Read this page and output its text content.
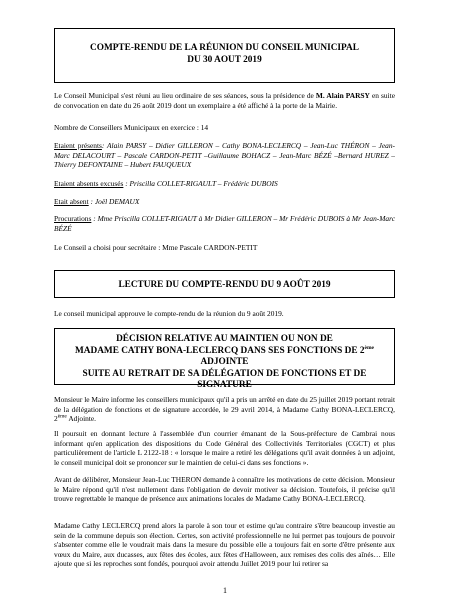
COMPTE-RENDU DE LA RÉUNION DU CONSEIL MUNICIPAL
DU 30 AOUT 2019
Le Conseil Municipal s'est réuni au lieu ordinaire de ses séances, sous la présidence de M. Alain PARSY en suite de convocation en date du 26 août 2019 dont un exemplaire a été affiché à la porte de la Mairie.
Nombre de Conseillers Municipaux en exercice : 14
Etaient présents: Alain PARSY – Didier GILLERON – Cathy BONA-LECLERCQ – Jean-Luc THÉRON – Jean-Marc DELACOURT – Pascale CARDON-PETIT –Guillaume BOHACZ – Jean-Marc BÉZÉ –Bernard HUREZ – Thierry DEFONTAINE – Hubert FAUQUEUX
Etaient absents excusés : Priscilla COLLET-RIGAULT – Frédéric DUBOIS
Etait absent : Joël DEMAUX
Procurations : Mme Priscilla COLLET-RIGAUT à Mr Didier GILLERON – Mr Frédéric DUBOIS à Mr Jean-Marc BÉZÉ
Le Conseil a choisi pour secrétaire : Mme Pascale CARDON-PETIT
LECTURE DU COMPTE-RENDU DU 9 AOÛT 2019
Le conseil municipal approuve le compte-rendu de la réunion du 9 août 2019.
DÉCISION RELATIVE AU MAINTIEN OU NON DE
MADAME CATHY BONA-LECLERCQ DANS SES FONCTIONS DE 2ème ADJOINTE
SUITE AU RETRAIT DE SA DÉLÉGATION DE FONCTIONS ET DE SIGNATURE
Monsieur le Maire informe les conseillers municipaux qu'il a pris un arrêté en date du 25 juillet 2019 portant retrait de la délégation de fonctions et de signature accordée, le 29 avril 2014, à Madame Cathy BONA-LECLERCQ, 2ème Adjointe.
Il poursuit en donnant lecture à l'assemblée d'un courrier émanant de la Sous-préfecture de Cambrai nous informant qu'en application des dispositions du Code Général des Collectivités Territoriales (CGCT) et plus particulièrement de l'article L 2122-18 : « lorsque le maire a retiré les délégations qu'il avait données à un adjoint, le conseil municipal doit se prononcer sur le maintien de celui-ci dans ses fonctions ».
Avant de délibérer, Monsieur Jean-Luc THERON demande à connaître les motivations de cette décision. Monsieur le Maire répond qu'il n'est nullement dans l'obligation de devoir motiver sa décision. Toutefois, il précise qu'il trouve regrettable le manque de présence aux animations locales de Madame Cathy BONA-LECLERCQ.
Madame Cathy LECLERCQ prend alors la parole à son tour et estime qu'au contraire s'être beaucoup investie au sein de la commune depuis son élection. Certes, son activité professionnelle ne lui permet pas toujours de pouvoir s'absenter comme elle le voudrait mais dans la mesure du possible elle a toujours fait en sorte d'être présente aux vœux du Maire, aux ducasses, aux fêtes des écoles, aux fêtes d'Halloween, aux remises des colis des aînés… Elle ajoute que si les reproches sont fondés, pourquoi avoir attendu Juillet 2019 pour lui retirer sa
1
